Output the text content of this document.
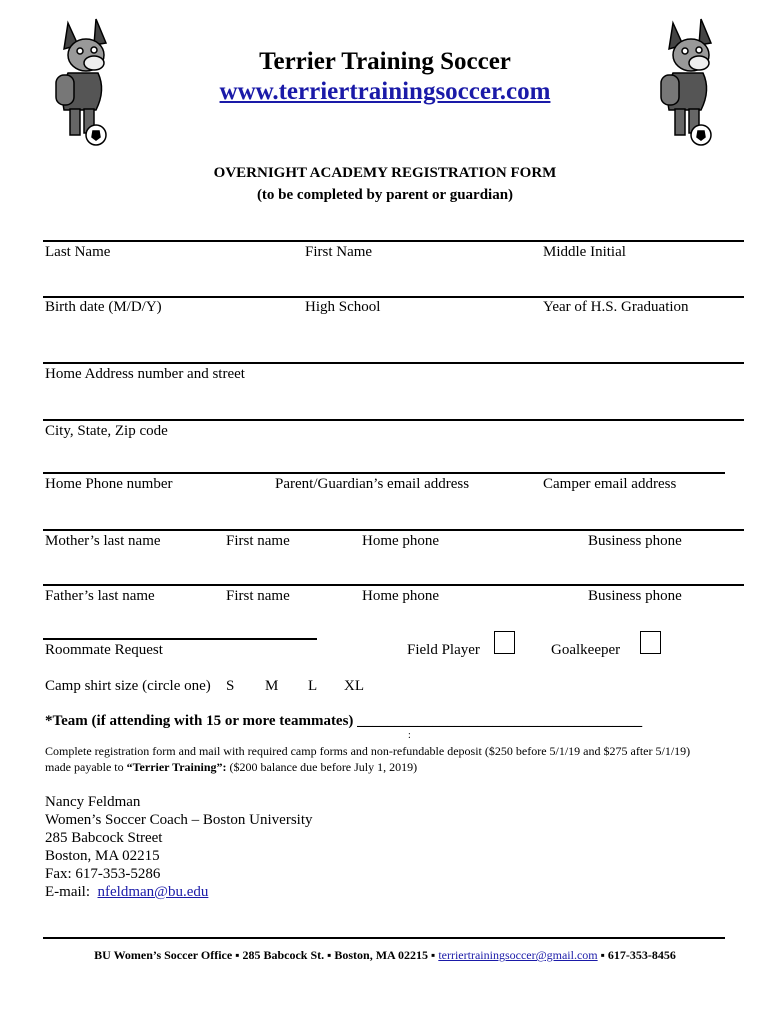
Terrier Training Soccer
www.terriertrainingsoccer.com
OVERNIGHT ACADEMY REGISTRATION FORM
(to be completed by parent or guardian)
Last Name	First Name	Middle Initial
Birth date (M/D/Y)	High School	Year of H.S. Graduation
Home Address number and street
City, State, Zip code
Home Phone number	Parent/Guardian’s email address	Camper email address
Mother’s last name	First name	Home phone	Business phone
Father’s last name	First name	Home phone	Business phone
Roommate Request	Field Player	Goalkeeper
Camp shirt size (circle one) S M L XL
*Team (if attending with 15 or more teammates) ______________________________________
:
Complete registration form and mail with required camp forms and non-refundable deposit ($250 before 5/1/19 and $275 after 5/1/19)
made payable to “Terrier Training”: ($200 balance due before July 1, 2019)
Nancy Feldman
Women’s Soccer Coach – Boston University
285 Babcock Street
Boston, MA 02215
Fax: 617-353-5286
E-mail:  nfeldman@bu.edu
BU Women’s Soccer Office ▪ 285 Babcock St. ▪ Boston, MA 02215 ▪ terriertrainingsoccer@gmail.com ▪ 617-353-8456
